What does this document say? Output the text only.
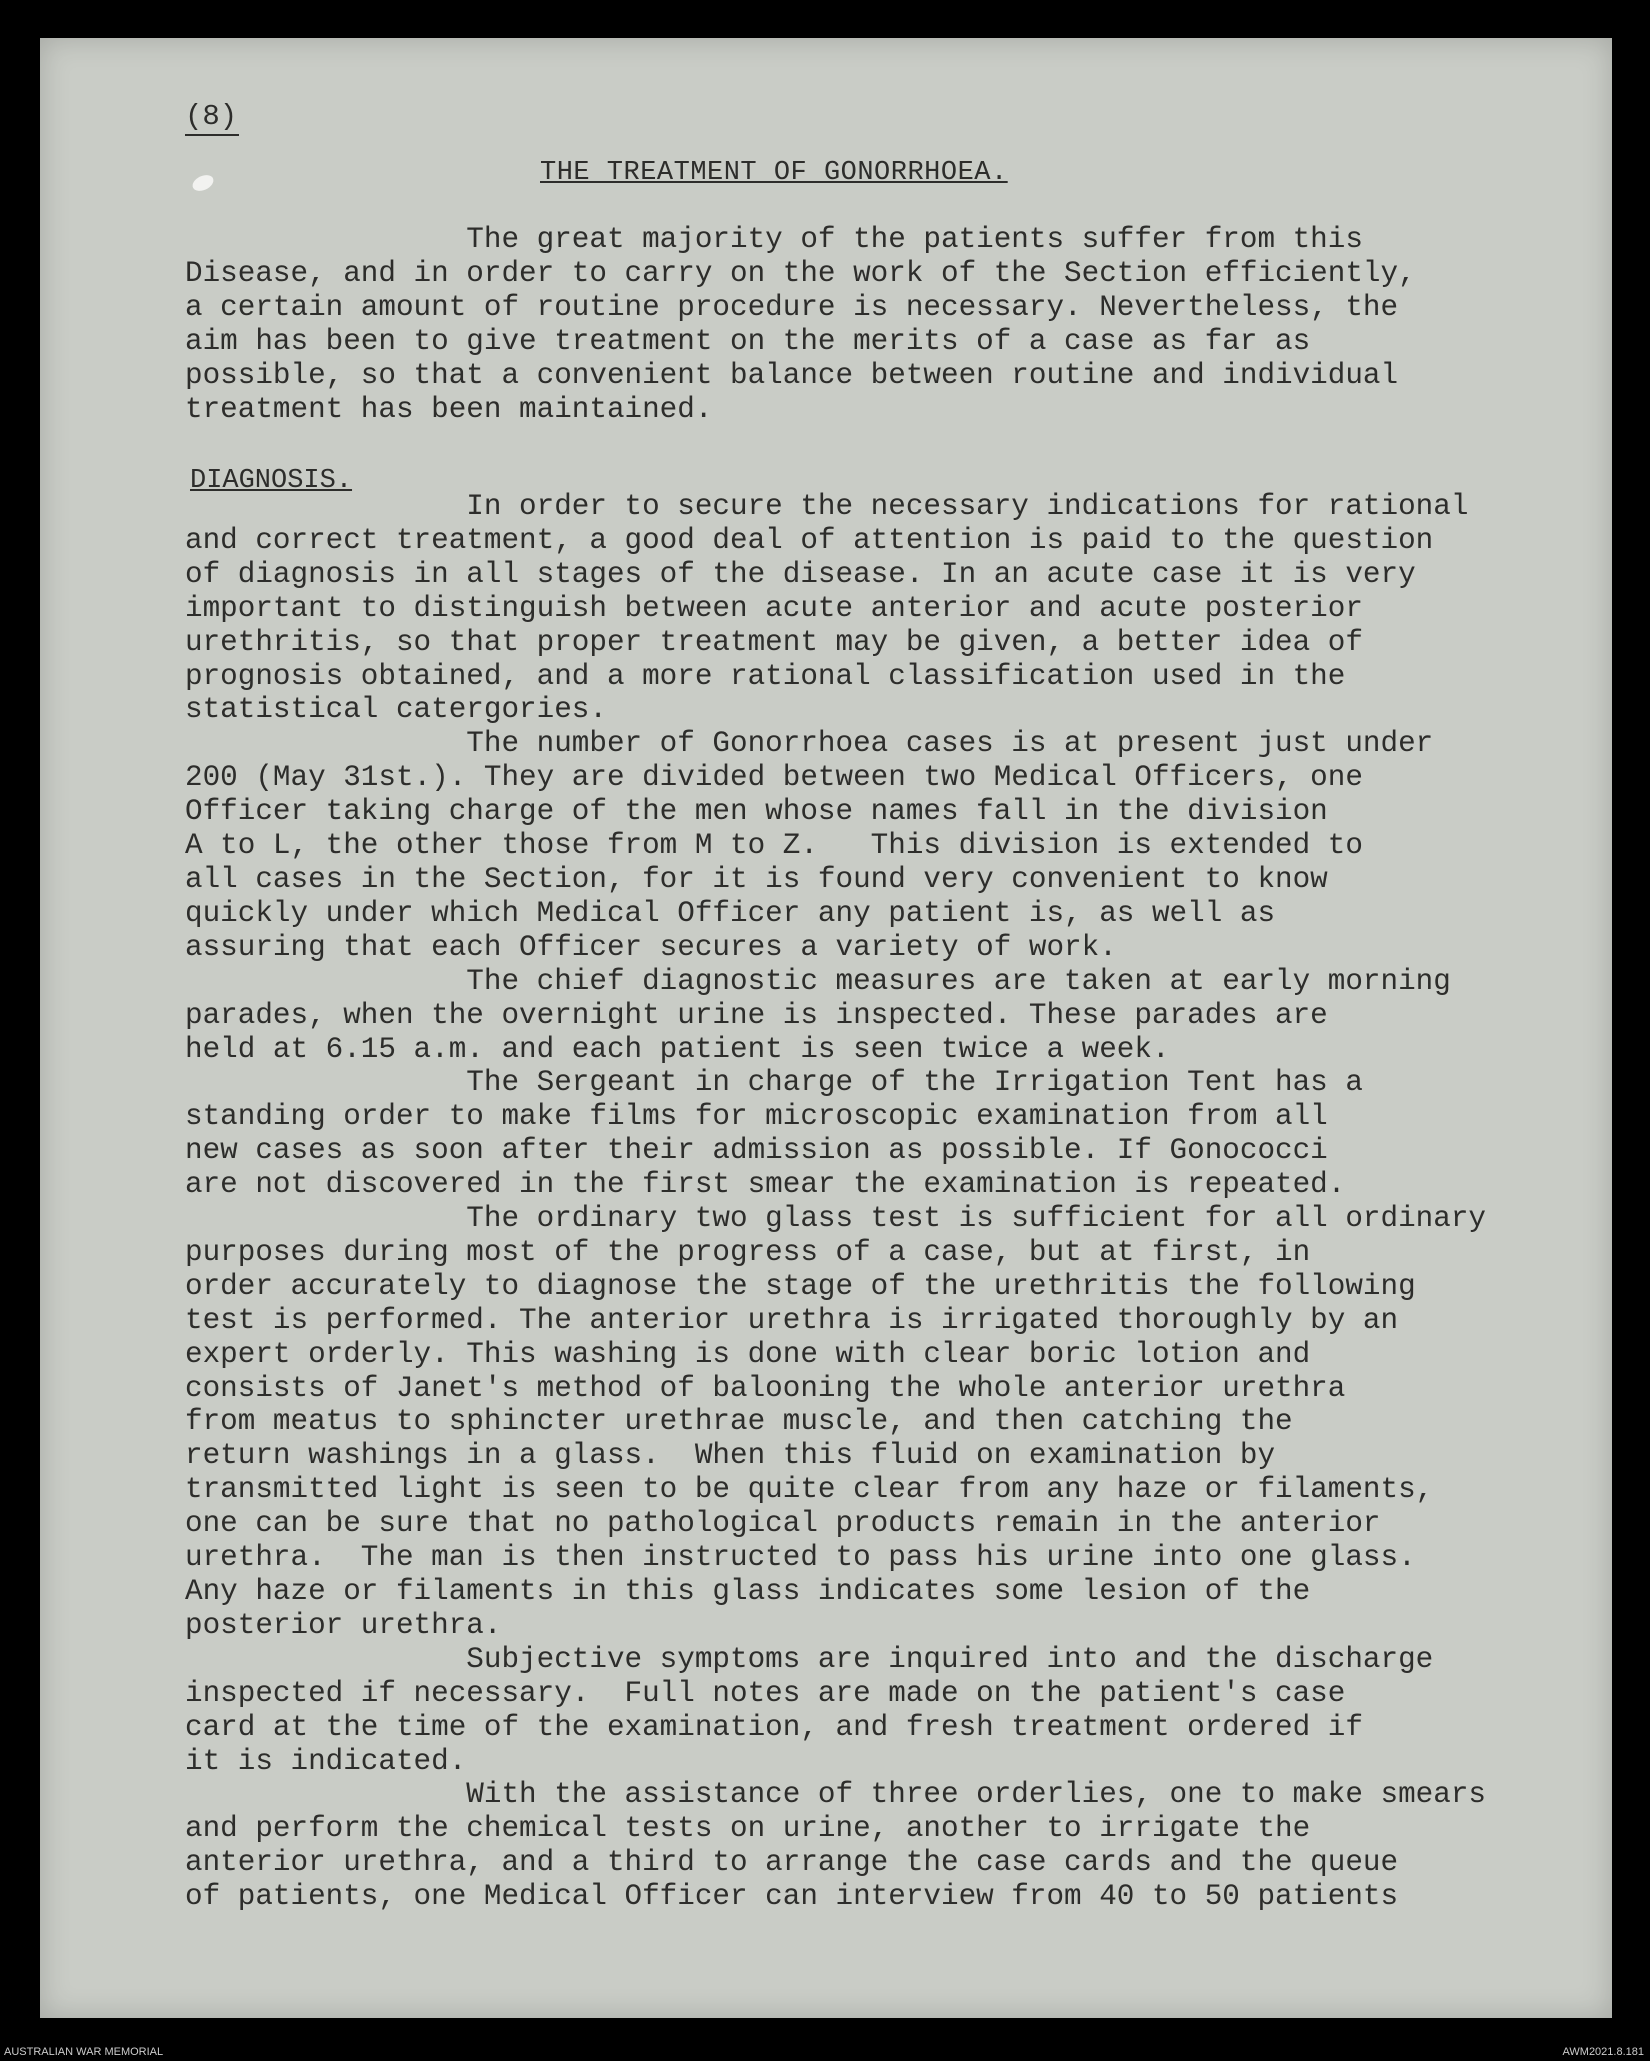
(8)
THE TREATMENT OF GONORRHOEA.
The great majority of the patients suffer from this
Disease, and in order to carry on the work of the Section efficiently,
a certain amount of routine procedure is necessary. Nevertheless, the
aim has been to give treatment on the merits of a case as far as
possible, so that a convenient balance between routine and individual
treatment has been maintained.
DIAGNOSIS.
In order to secure the necessary indications for rational
and correct treatment, a good deal of attention is paid to the question
of diagnosis in all stages of the disease. In an acute case it is very
important to distinguish between acute anterior and acute posterior
urethritis, so that proper treatment may be given, a better idea of
prognosis obtained, and a more rational classification used in the
statistical catergories.
The number of Gonorrhoea cases is at present just under
200 (May 31st.). They are divided between two Medical Officers, one
Officer taking charge of the men whose names fall in the division
A to L, the other those from M to Z.   This division is extended to
all cases in the Section, for it is found very convenient to know
quickly under which Medical Officer any patient is, as well as
assuring that each Officer secures a variety of work.
The chief diagnostic measures are taken at early morning
parades, when the overnight urine is inspected. These parades are
held at 6.15 a.m. and each patient is seen twice a week.
The Sergeant in charge of the Irrigation Tent has a
standing order to make films for microscopic examination from all
new cases as soon after their admission as possible. If Gonococci
are not discovered in the first smear the examination is repeated.
The ordinary two glass test is sufficient for all ordinary
purposes during most of the progress of a case, but at first, in
order accurately to diagnose the stage of the urethritis the following
test is performed. The anterior urethra is irrigated thoroughly by an
expert orderly. This washing is done with clear boric lotion and
consists of Janet's method of balooning the whole anterior urethra
from meatus to sphincter urethrae muscle, and then catching the
return washings in a glass.  When this fluid on examination by
transmitted light is seen to be quite clear from any haze or filaments,
one can be sure that no pathological products remain in the anterior
urethra.  The man is then instructed to pass his urine into one glass.
Any haze or filaments in this glass indicates some lesion of the
posterior urethra.
Subjective symptoms are inquired into and the discharge
inspected if necessary.  Full notes are made on the patient's case
card at the time of the examination, and fresh treatment ordered if
it is indicated.
With the assistance of three orderlies, one to make smears
and perform the chemical tests on urine, another to irrigate the
anterior urethra, and a third to arrange the case cards and the queue
of patients, one Medical Officer can interview from 40 to 50 patients
AUSTRALIAN WAR MEMORIAL	AWM2021.8.181
